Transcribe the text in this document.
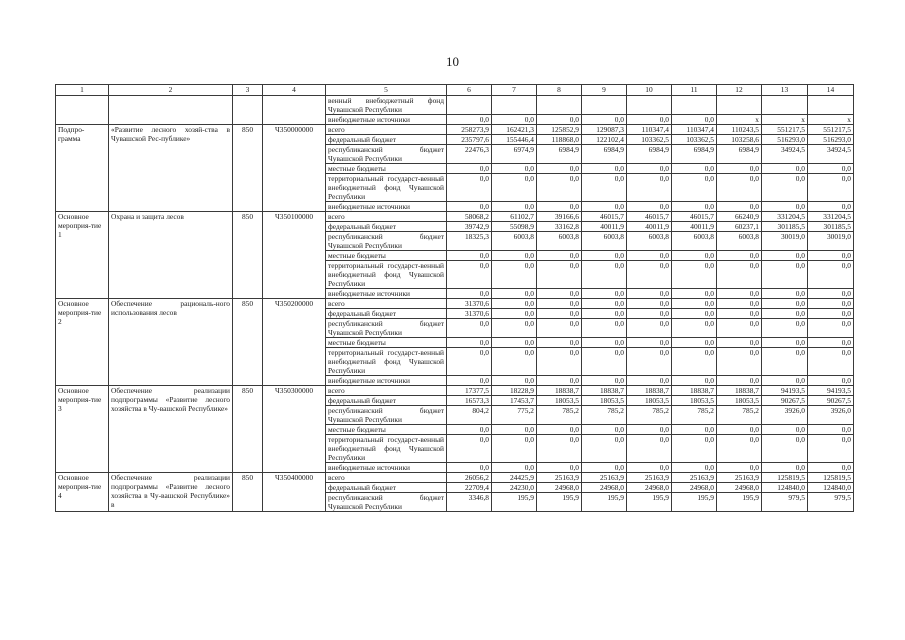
10
1	2	3	4	5	6	7	8	9	10	11	12	13	14
				венный внебюджетный фонд Чувашской Республики									
				внебюджетные источники	0,0	0,0	0,0	0,0	0,0	0,0	x	x	x
Подпро-грамма	«Развитие лесного хозяй-ства в Чувашской Рес-публике»	850	Ч350000000	всего	258273,9	162421,3	125852,9	129087,3	110347,4	110347,4	110243,5	551217,5	551217,5
				федеральный бюджет	235797,6	155446,4	118868,0	122102,4	103362,5	103362,5	103258,6	516293,0	516293,0
				республиканский бюджет Чувашской Республики	22476,3	6974,9	6984,9	6984,9	6984,9	6984,9	6984,9	34924,5	34924,5
				местные бюджеты	0,0	0,0	0,0	0,0	0,0	0,0	0,0	0,0	0,0
				территориальный государст-венный внебюджетный фонд Чувашской Республики	0,0	0,0	0,0	0,0	0,0	0,0	0,0	0,0	0,0
				внебюджетные источники	0,0	0,0	0,0	0,0	0,0	0,0	0,0	0,0	0,0
Основное мероприя-тие 1	Охрана и защита лесов	850	Ч350100000	всего	58068,2	61102,7	39166,6	46015,7	46015,7	46015,7	66240,9	331204,5	331204,5
				федеральный бюджет	39742,9	55098,9	33162,8	40011,9	40011,9	40011,9	60237,1	301185,5	301185,5
				республиканский бюджет Чувашской Республики	18325,3	6003,8	6003,8	6003,8	6003,8	6003,8	6003,8	30019,0	30019,0
				местные бюджеты	0,0	0,0	0,0	0,0	0,0	0,0	0,0	0,0	0,0
				территориальный государст-венный внебюджетный фонд Чувашской Республики	0,0	0,0	0,0	0,0	0,0	0,0	0,0	0,0	0,0
				внебюджетные источники	0,0	0,0	0,0	0,0	0,0	0,0	0,0	0,0	0,0
Основное мероприя-тие 2	Обеспечение рациональ-ного использования лесов	850	Ч350200000	всего	31370,6	0,0	0,0	0,0	0,0	0,0	0,0	0,0	0,0
				федеральный бюджет	31370,6	0,0	0,0	0,0	0,0	0,0	0,0	0,0	0,0
				республиканский бюджет Чувашской Республики	0,0	0,0	0,0	0,0	0,0	0,0	0,0	0,0	0,0
				местные бюджеты	0,0	0,0	0,0	0,0	0,0	0,0	0,0	0,0	0,0
				территориальный государст-венный внебюджетный фонд Чувашской Республики	0,0	0,0	0,0	0,0	0,0	0,0	0,0	0,0	0,0
				внебюджетные источники	0,0	0,0	0,0	0,0	0,0	0,0	0,0	0,0	0,0
Основное мероприя-тие 3	Обеспечение реализации подпрограммы «Развитие лесного хозяйства в Чу-вашской Республике»	850	Ч350300000	всего	17377,5	18228,9	18838,7	18838,7	18838,7	18838,7	18838,7	94193,5	94193,5
				федеральный бюджет	16573,3	17453,7	18053,5	18053,5	18053,5	18053,5	18053,5	90267,5	90267,5
				республиканский бюджет Чувашской Республики	804,2	775,2	785,2	785,2	785,2	785,2	785,2	3926,0	3926,0
				местные бюджеты	0,0	0,0	0,0	0,0	0,0	0,0	0,0	0,0	0,0
				территориальный государст-венный внебюджетный фонд Чувашской Республики	0,0	0,0	0,0	0,0	0,0	0,0	0,0	0,0	0,0
				внебюджетные источники	0,0	0,0	0,0	0,0	0,0	0,0	0,0	0,0	0,0
Основное мероприя-тие 4	Обеспечение реализации подпрограммы «Развитие лесного хозяйства в Чу-вашской Республике» в	850	Ч350400000	всего	26056,2	24425,9	25163,9	25163,9	25163,9	25163,9	25163,9	125819,5	125819,5
				федеральный бюджет	22709,4	24230,0	24968,0	24968,0	24968,0	24968,0	24968,0	124840,0	124840,0
				республиканский бюджет Чувашской Республики	3346,8	195,9	195,9	195,9	195,9	195,9	195,9	979,5	979,5
